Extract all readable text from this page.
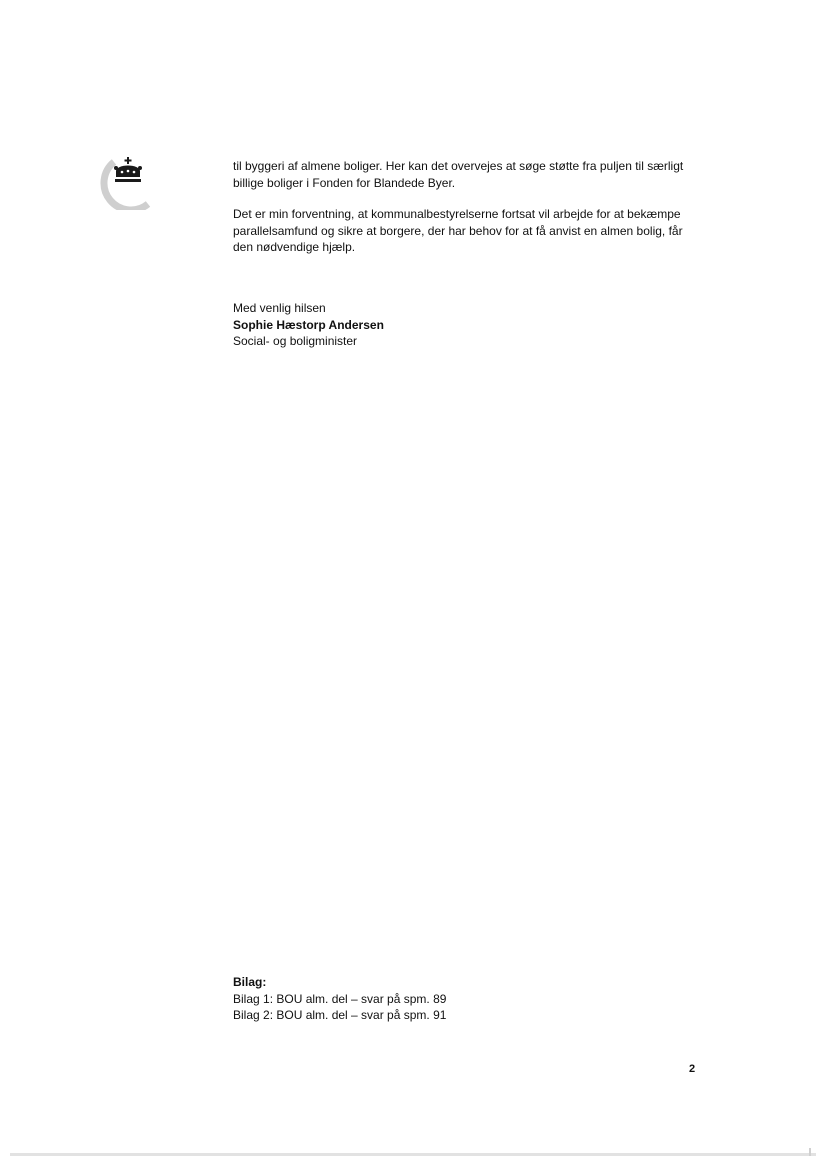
til byggeri af almene boliger. Her kan det overvejes at søge støtte fra puljen til særligt billige boliger i Fonden for Blandede Byer.

Det er min forventning, at kommunalbestyrelserne fortsat vil arbejde for at bekæmpe parallelsamfund og sikre at borgere, der har behov for at få anvist en almen bolig, får den nødvendige hjælp.

Med venlig hilsen

Sophie Hæstorp Andersen

Social- og boligminister

Bilag:

Bilag 1: BOU alm. del – svar på spm. 89

Bilag 2: BOU alm. del – svar på spm. 91

2
